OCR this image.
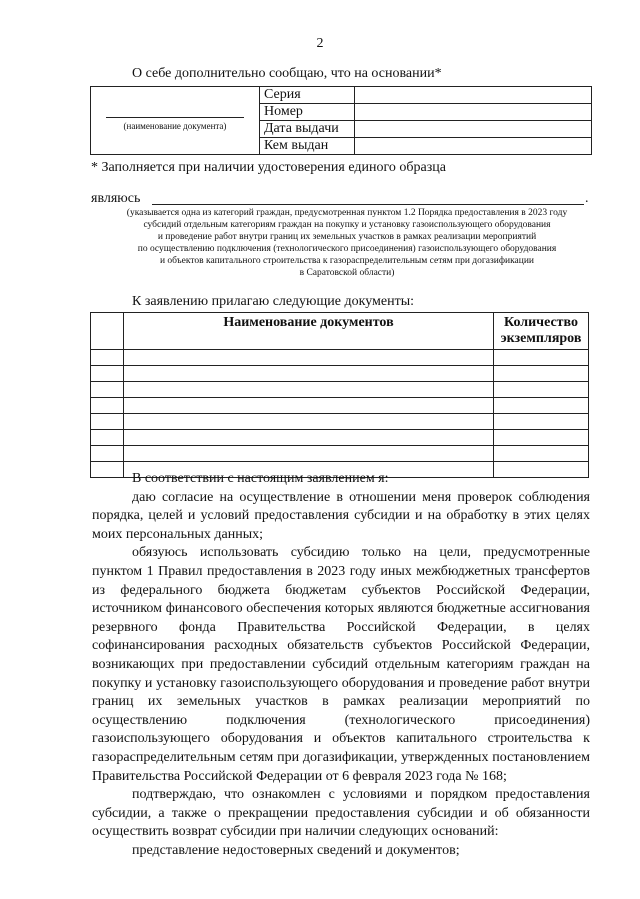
2
О себе дополнительно сообщаю, что на основании*
(наименование документа)	Серия	
	Номер	
	Дата выдачи	
	Кем выдан	
* Заполняется при наличии удостоверения единого образца
являюсь	.
(указывается одна из категорий граждан, предусмотренная пунктом 1.2 Порядка предоставления в 2023 году
субсидий отдельным категориям граждан на покупку и установку газоиспользующего оборудования
и проведение работ внутри границ их земельных участков в рамках реализации мероприятий
по осуществлению подключения (технологического присоединения) газоиспользующего оборудования
и объектов капитального строительства к газораспределительным сетям при догазификации
в Саратовской области)
К заявлению прилагаю следующие документы:
	Наименование документов	Количество экземпляров

В соответствии с настоящим заявлением я:

даю согласие на осуществление в отношении меня проверок соблюдения порядка, целей и условий предоставления субсидии и на обработку в этих целях моих персональных данных;

обязуюсь использовать субсидию только на цели, предусмотренные пунктом 1 Правил предоставления в 2023 году иных межбюджетных трансфертов из федерального бюджета бюджетам субъектов Российской Федерации, источником финансового обеспечения которых являются бюджетные ассигнования резервного фонда Правительства Российской Федерации, в целях софинансирования расходных обязательств субъектов Российской Федерации, возникающих при предоставлении субсидий отдельным категориям граждан на покупку и установку газоиспользующего оборудования и проведение работ внутри границ их земельных участков в рамках реализации мероприятий по осуществлению подключения (технологического присоединения) газоиспользующего оборудования и объектов капитального строительства к газораспределительным сетям при догазификации, утвержденных постановлением Правительства Российской Федерации от 6 февраля 2023 года № 168;

подтверждаю, что ознакомлен с условиями и порядком предоставления субсидии, а также о прекращении предоставления субсидии и об обязанности осуществить возврат субсидии при наличии следующих оснований:

представление недостоверных сведений и документов;
